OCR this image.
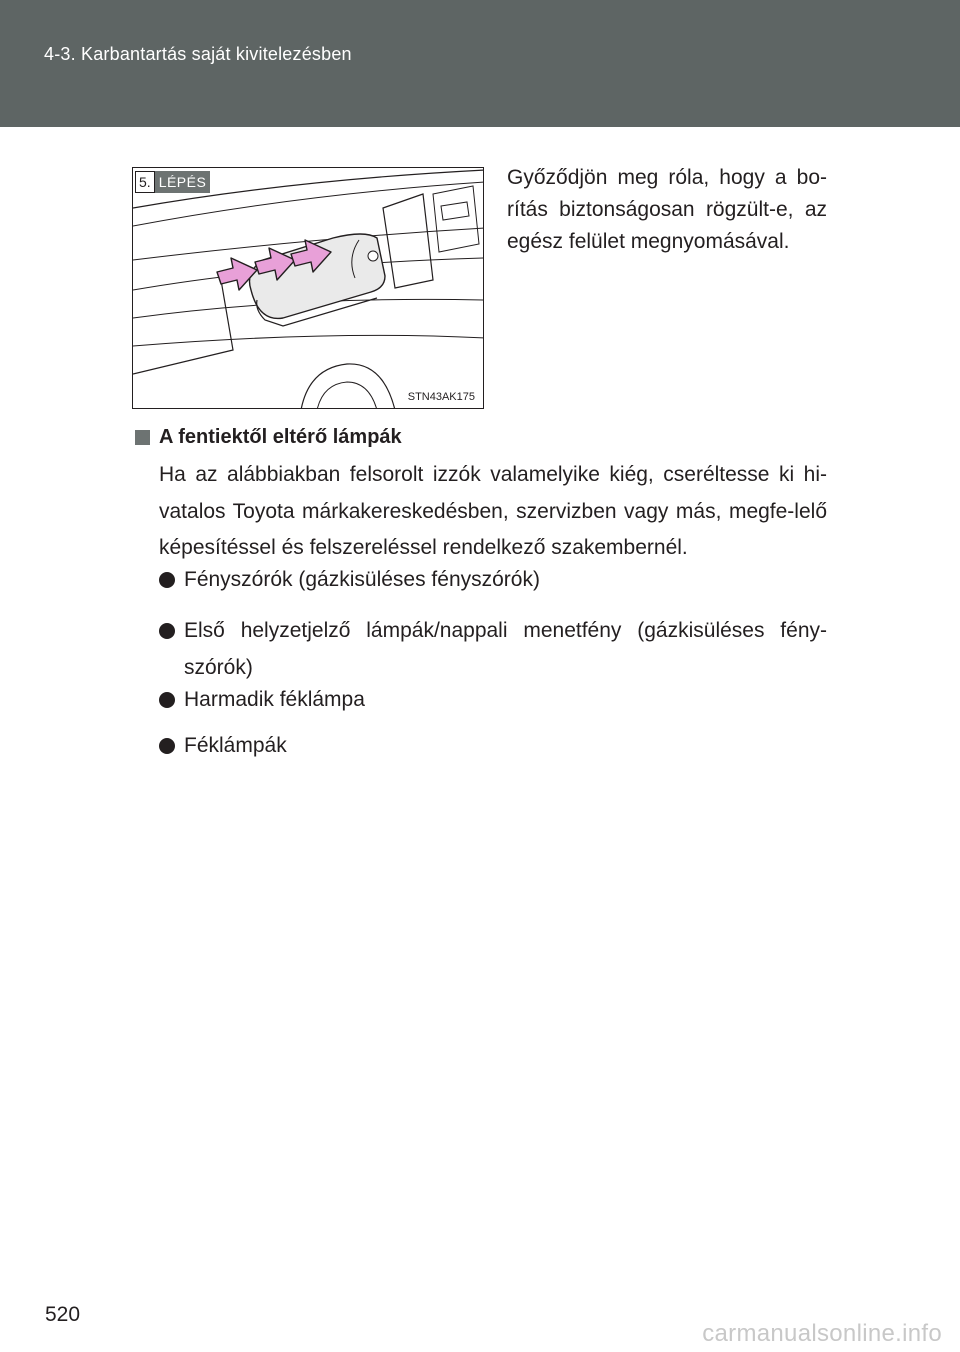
4-3. Karbantartás saját kivitelezésben
5. LÉPÉS
STN43AK175
Győződjön meg róla, hogy a bo-rítás biztonságosan rögzült-e, az egész felület megnyomásával.
A fentiektől eltérő lámpák
Ha az alábbiakban felsorolt izzók valamelyike kiég, cseréltesse ki hi-vatalos Toyota márkakereskedésben, szervizben vagy más, megfe-lelő képesítéssel és felszereléssel rendelkező szakembernél.
Fényszórók (gázkisüléses fényszórók)
Első helyzetjelző lámpák/nappali menetfény (gázkisüléses fény-szórók)
Harmadik féklámpa
Féklámpák
520
carmanualsonline.info
